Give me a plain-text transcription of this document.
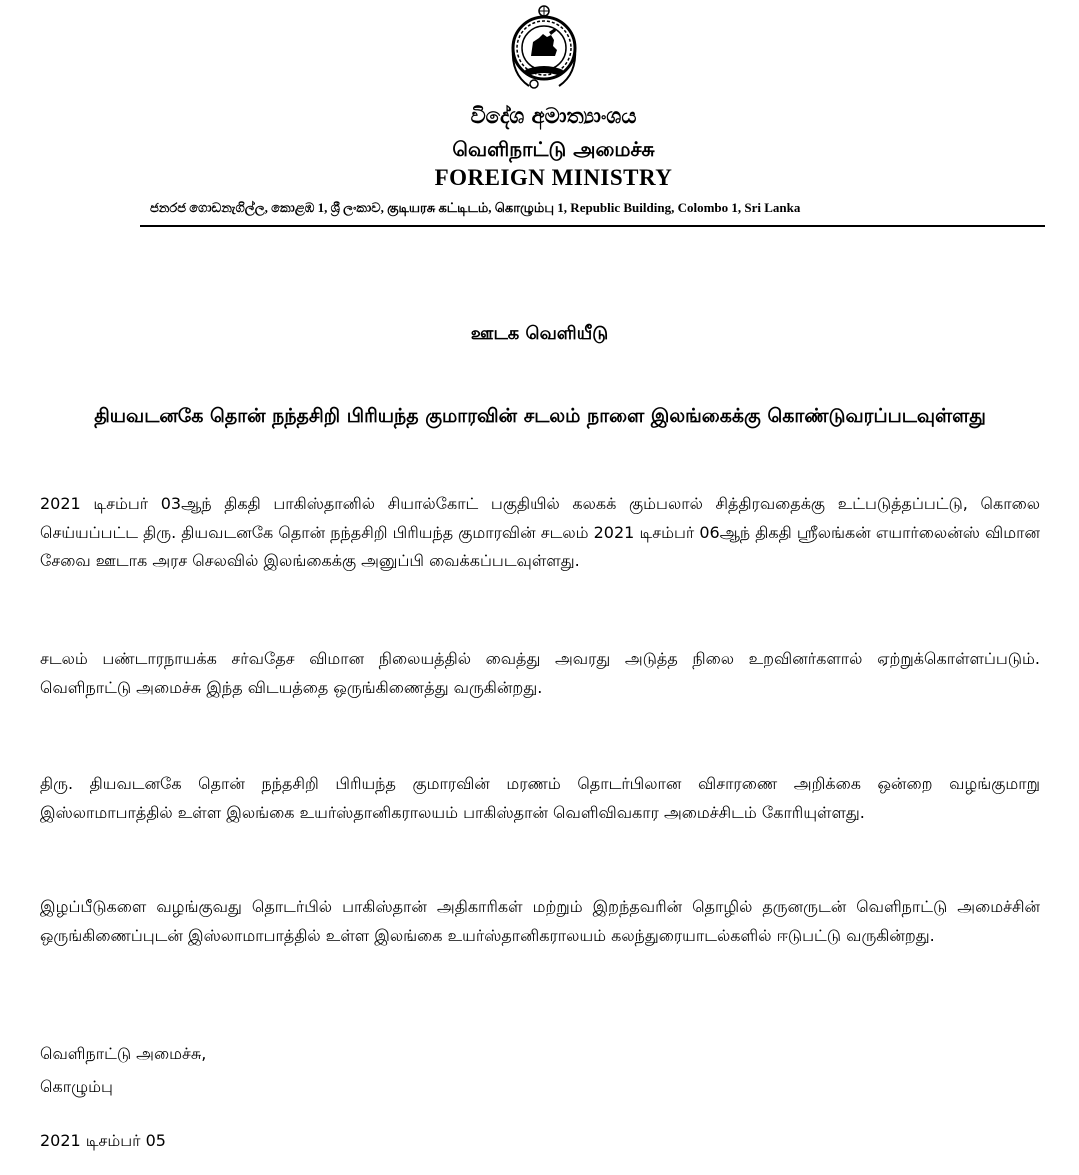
විදේශ අමාත්‍යාංශය
வெளிநாட்டு அமைச்சு
FOREIGN MINISTRY
ජනරජ ගොඩනැගිල්ල, කොළඹ 1, ශ්‍රී ලංකාව, குடியரசு கட்டிடம், கொழும்பு 1, Republic Building, Colombo 1, Sri Lanka
ஊடக வெளியீடு
தியவடனகே தொன் நந்தசிறி பிரியந்த குமாரவின் சடலம் நாளை இலங்கைக்கு கொண்டுவரப்படவுள்ளது
2021 டிசம்பர் 03ஆந் திகதி பாகிஸ்தானில் சியால்கோட் பகுதியில் கலகக் கும்பலால் சித்திரவதைக்கு உட்படுத்தப்பட்டு, கொலை செய்யப்பட்ட திரு. தியவடனகே தொன் நந்தசிறி பிரியந்த குமாரவின் சடலம் 2021 டிசம்பர் 06ஆந் திகதி ஸ்ரீலங்கன் எயார்லைன்ஸ் விமான சேவை ஊடாக அரச செலவில் இலங்கைக்கு அனுப்பி வைக்கப்படவுள்ளது.
சடலம் பண்டாரநாயக்க சர்வதேச விமான நிலையத்தில் வைத்து அவரது அடுத்த நிலை உறவினர்களால் ஏற்றுக்கொள்ளப்படும். வெளிநாட்டு அமைச்சு இந்த விடயத்தை ஒருங்கிணைத்து வருகின்றது.
திரு. தியவடனகே தொன் நந்தசிறி பிரியந்த குமாரவின் மரணம் தொடர்பிலான விசாரணை அறிக்கை ஒன்றை வழங்குமாறு இஸ்லாமாபாத்தில் உள்ள இலங்கை உயர்ஸ்தானிகராலயம் பாகிஸ்தான் வெளிவிவகார அமைச்சிடம் கோரியுள்ளது.
இழப்பீடுகளை வழங்குவது தொடர்பில் பாகிஸ்தான் அதிகாரிகள் மற்றும் இறந்தவரின் தொழில் தருனருடன் வெளிநாட்டு அமைச்சின் ஒருங்கிணைப்புடன் இஸ்லாமாபாத்தில் உள்ள இலங்கை உயர்ஸ்தானிகராலயம் கலந்துரையாடல்களில் ஈடுபட்டு வருகின்றது.
வெளிநாட்டு அமைச்சு,
கொழும்பு
2021 டிசம்பர் 05
